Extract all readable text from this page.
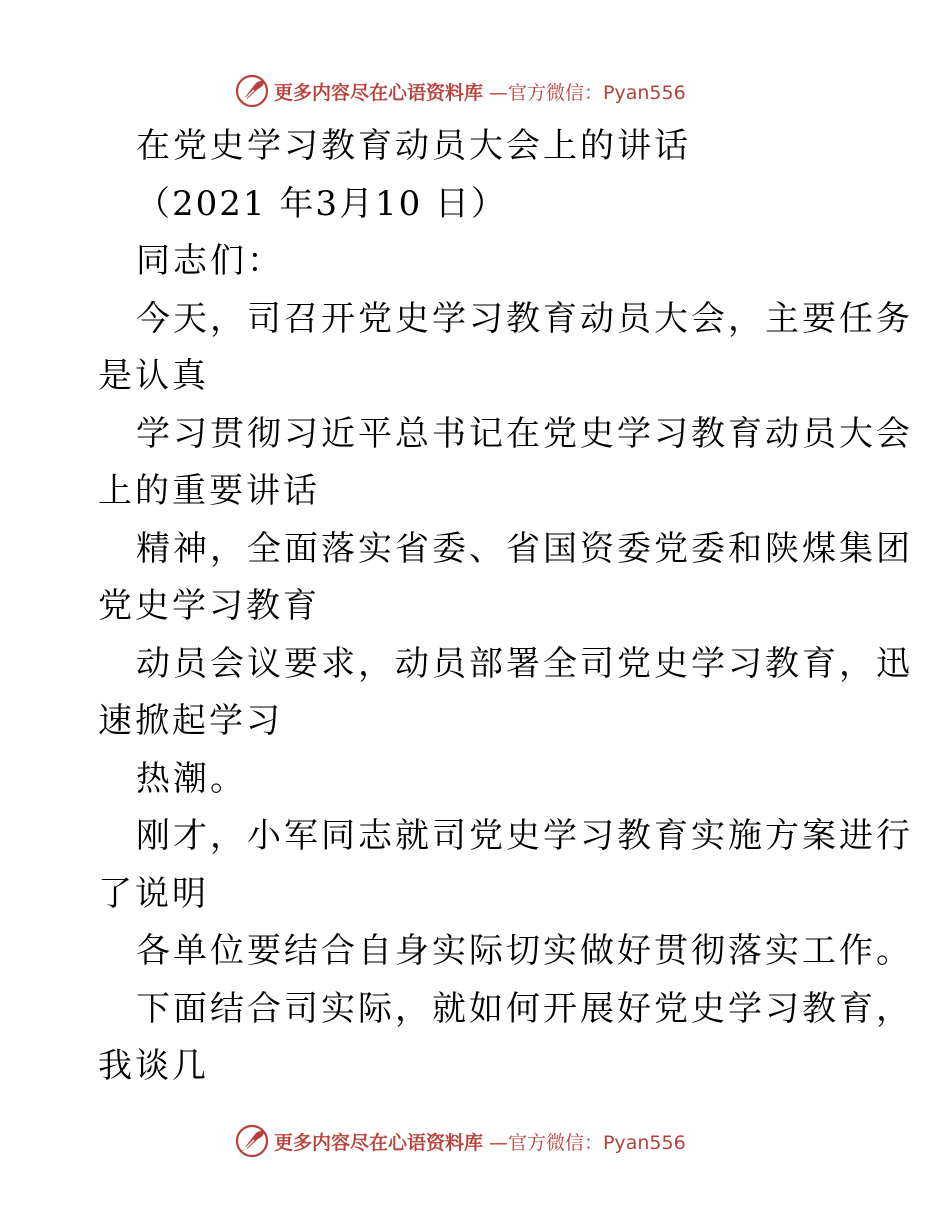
更多内容尽在心语资料库 —官方微信：Pyan556
在党史学习教育动员大会上的讲话
（2021 年3月10 日）
同志们：
今天，司召开党史学习教育动员大会，主要任务
是认真
学习贯彻习近平总书记在党史学习教育动员大会
上的重要讲话
精神，全面落实省委、省国资委党委和陕煤集团
党史学习教育
动员会议要求，动员部署全司党史学习教育，迅
速掀起学习
热潮。
刚才，小军同志就司党史学习教育实施方案进行
了说明
各单位要结合自身实际切实做好贯彻落实工作。
下面结合司实际，就如何开展好党史学习教育，
我谈几
更多内容尽在心语资料库 —官方微信：Pyan556
